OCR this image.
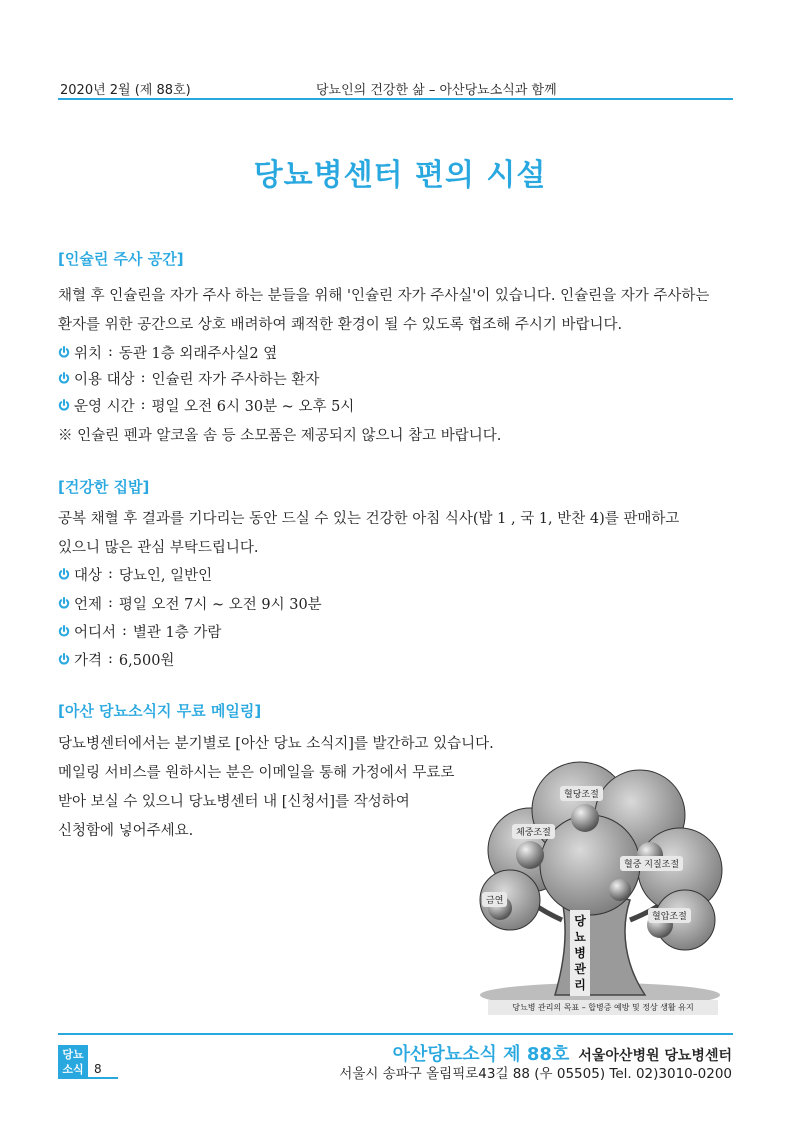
2020년 2월 (제 88호)	당뇨인의 건강한 삶 – 아산당뇨소식과 함께
당뇨병센터 편의 시설
[인슐린 주사 공간]
채혈 후 인슐린을 자가 주사 하는 분들을 위해 '인슐린 자가 주사실'이 있습니다. 인슐린을 자가 주사하는
환자를 위한 공간으로 상호 배려하여 쾌적한 환경이 될 수 있도록 협조해 주시기 바랍니다.
위치 : 동관 1층 외래주사실2 옆
이용 대상 : 인슐린 자가 주사하는 환자
운영 시간 : 평일 오전 6시 30분 ~ 오후 5시
※ 인슐린 펜과 알코올 솜 등 소모품은 제공되지 않으니 참고 바랍니다.
[건강한 집밥]
공복 채혈 후 결과를 기다리는 동안 드실 수 있는 건강한 아침 식사(밥 1 , 국 1, 반찬 4)를 판매하고
있으니 많은 관심 부탁드립니다.
대상 : 당뇨인, 일반인
언제 : 평일 오전 7시 ~ 오전 9시 30분
어디서 : 별관 1층 가람
가격 : 6,500원
[아산 당뇨소식지 무료 메일링]
당뇨병센터에서는 분기별로 [아산 당뇨 소식지]를 발간하고 있습니다.
메일링 서비스를 원하시는 분은 이메일을 통해 가정에서 무료로
받아 보실 수 있으니 당뇨병센터 내 [신청서]를 작성하여
신청함에 넣어주세요.
혈당조절
체중조절
혈중 지질조절
금연
혈압조절
당뇨병관리
당뇨병 관리의 목표 – 합병증 예방 및 정상 생활 유지
당뇨
소식 8
아산당뇨소식 제 88호 서울아산병원 당뇨병센터
서울시 송파구 올림픽로43길 88 (우 05505) Tel. 02)3010-0200
